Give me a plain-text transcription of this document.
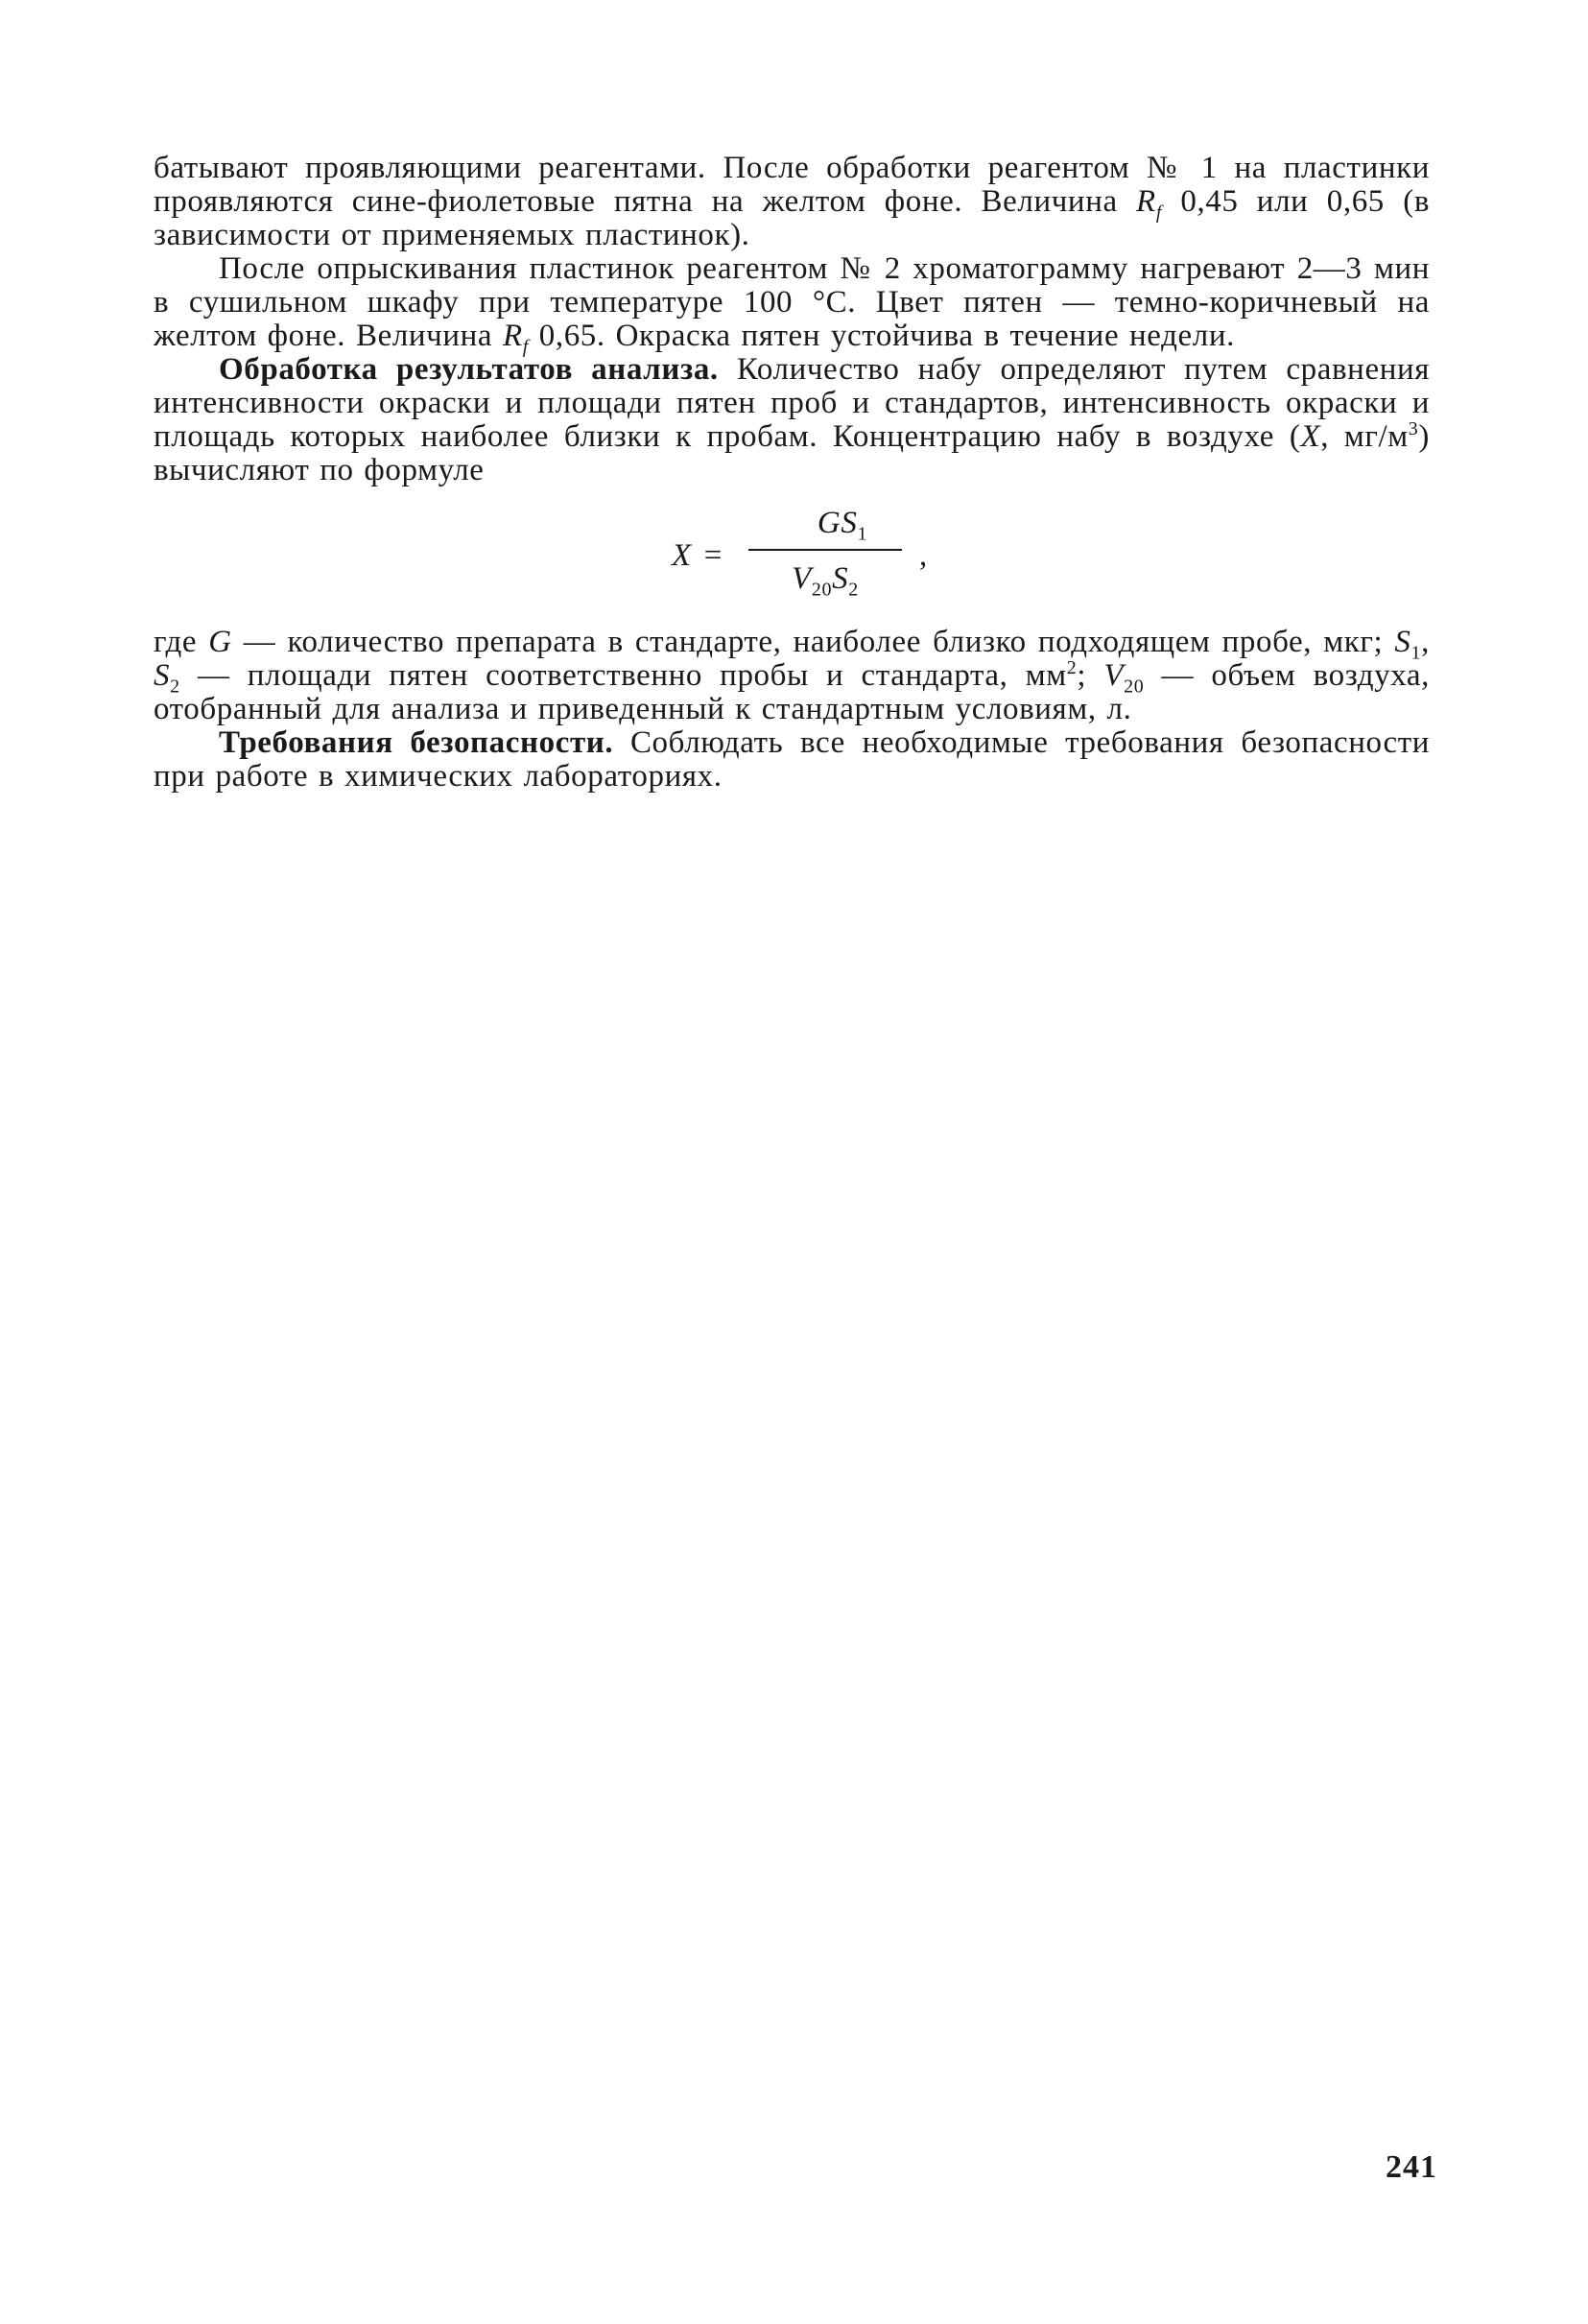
батывают проявляющими реагентами. После обработки реагентом № 1 на пластинки проявляются сине-фиолетовые пятна на желтом фоне. Величина $R_f$ 0,45 или 0,65 (в зависимости от применяемых пластинок).

После опрыскивания пластинок реагентом № 2 хроматограмму нагревают 2—3 мин в сушильном шкафу при температуре 100 °С. Цвет пятен — темно-коричневый на желтом фоне. Величина $R_f$ 0,65. Окраска пятен устойчива в течение недели.

Обработка результатов анализа. Количество набу определяют путем сравнения интенсивности окраски и площади пятен проб и стандартов, интенсивность окраски и площадь которых наиболее близки к пробам. Концентрацию набу в воздухе (X, $мг/м^3$) вычисляют по формуле

X =
$GS_1$
$V_{20}S_2$
,

где G — количество препарата в стандарте, наиболее близко подходящем пробе, мкг; $S_1$, $S_2$ — площади пятен соответственно пробы и стандарта, $мм^2$; $V_{20}$ — объем воздуха, отобранный для анализа и приведенный к стандартным условиям, л.

Требования безопасности. Соблюдать все необходимые требования безопасности при работе в химических лабораториях.

241
